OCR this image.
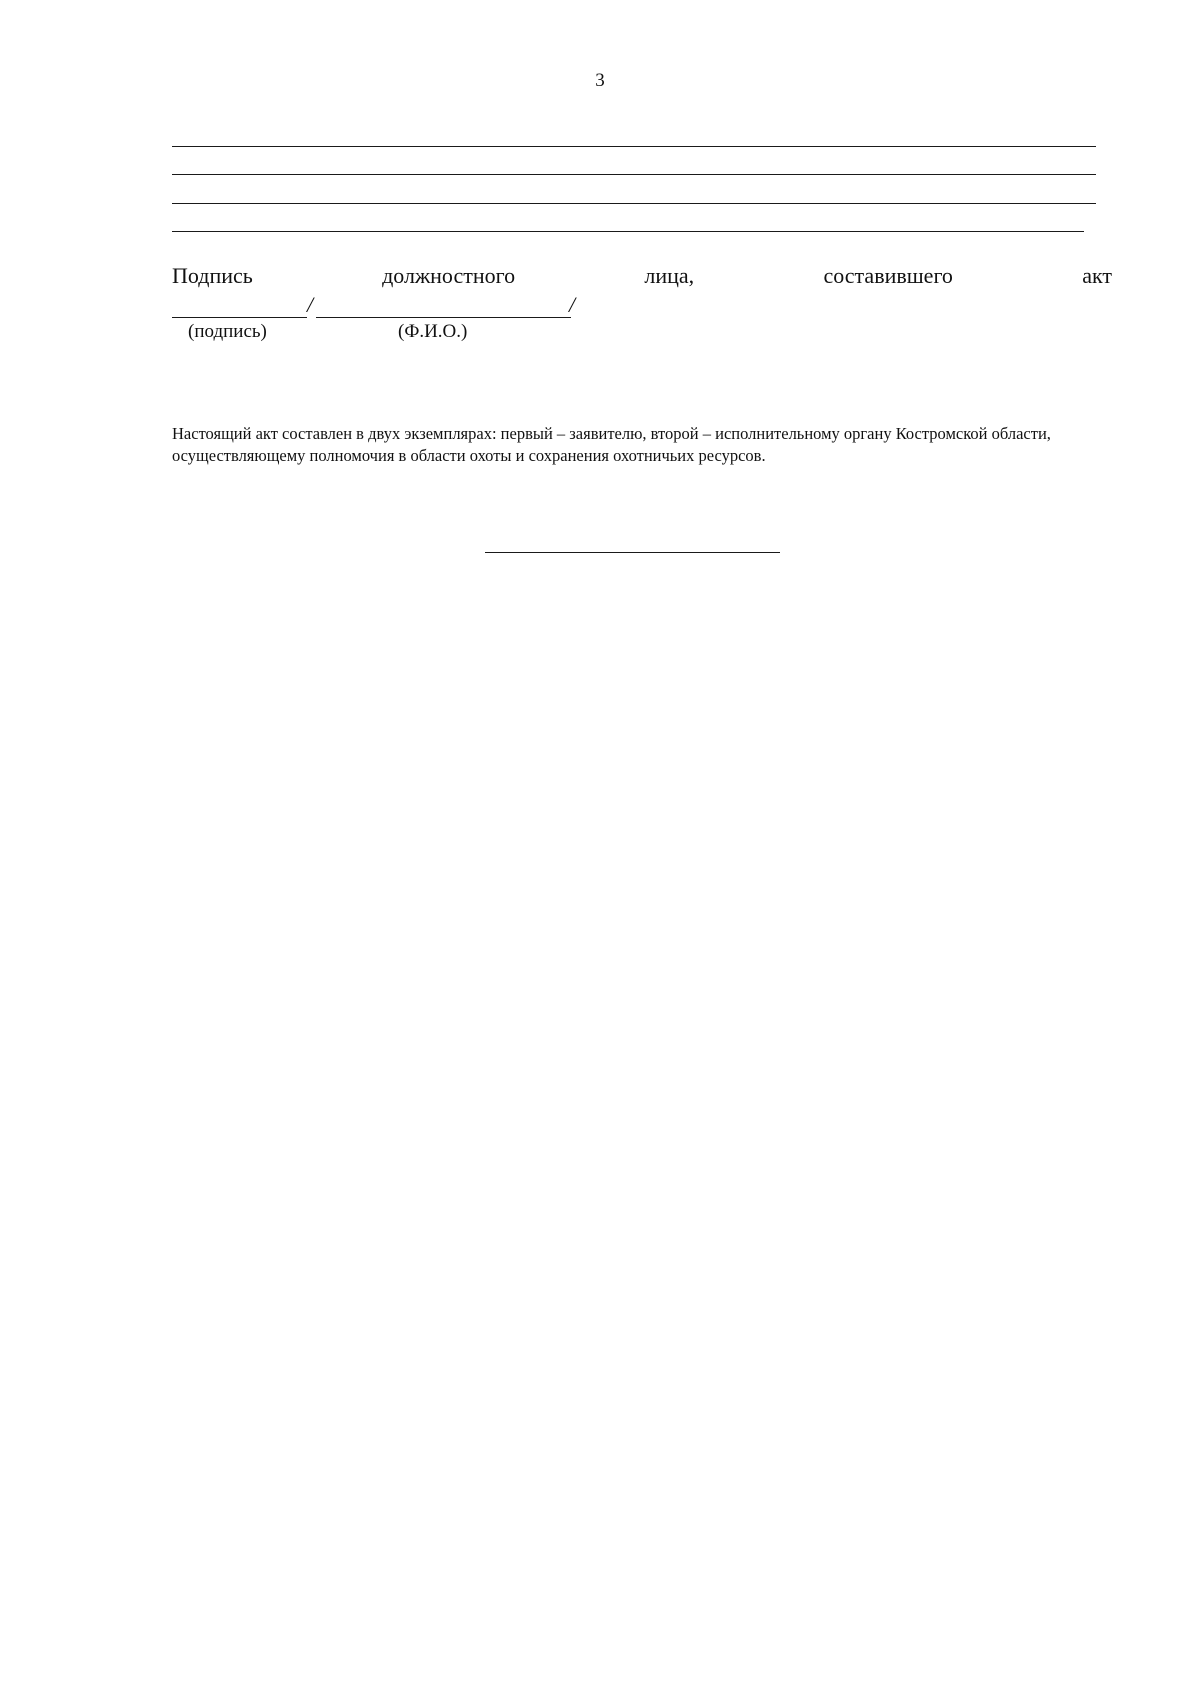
3
Подпись	должностного	лица,	составившего	акт
/	/
(подпись)	(Ф.И.О.)
Настоящий акт составлен в двух экземплярах: первый – заявителю, второй – исполнительному органу Костромской области, осуществляющему полномочия в области охоты и сохранения охотничьих ресурсов.
